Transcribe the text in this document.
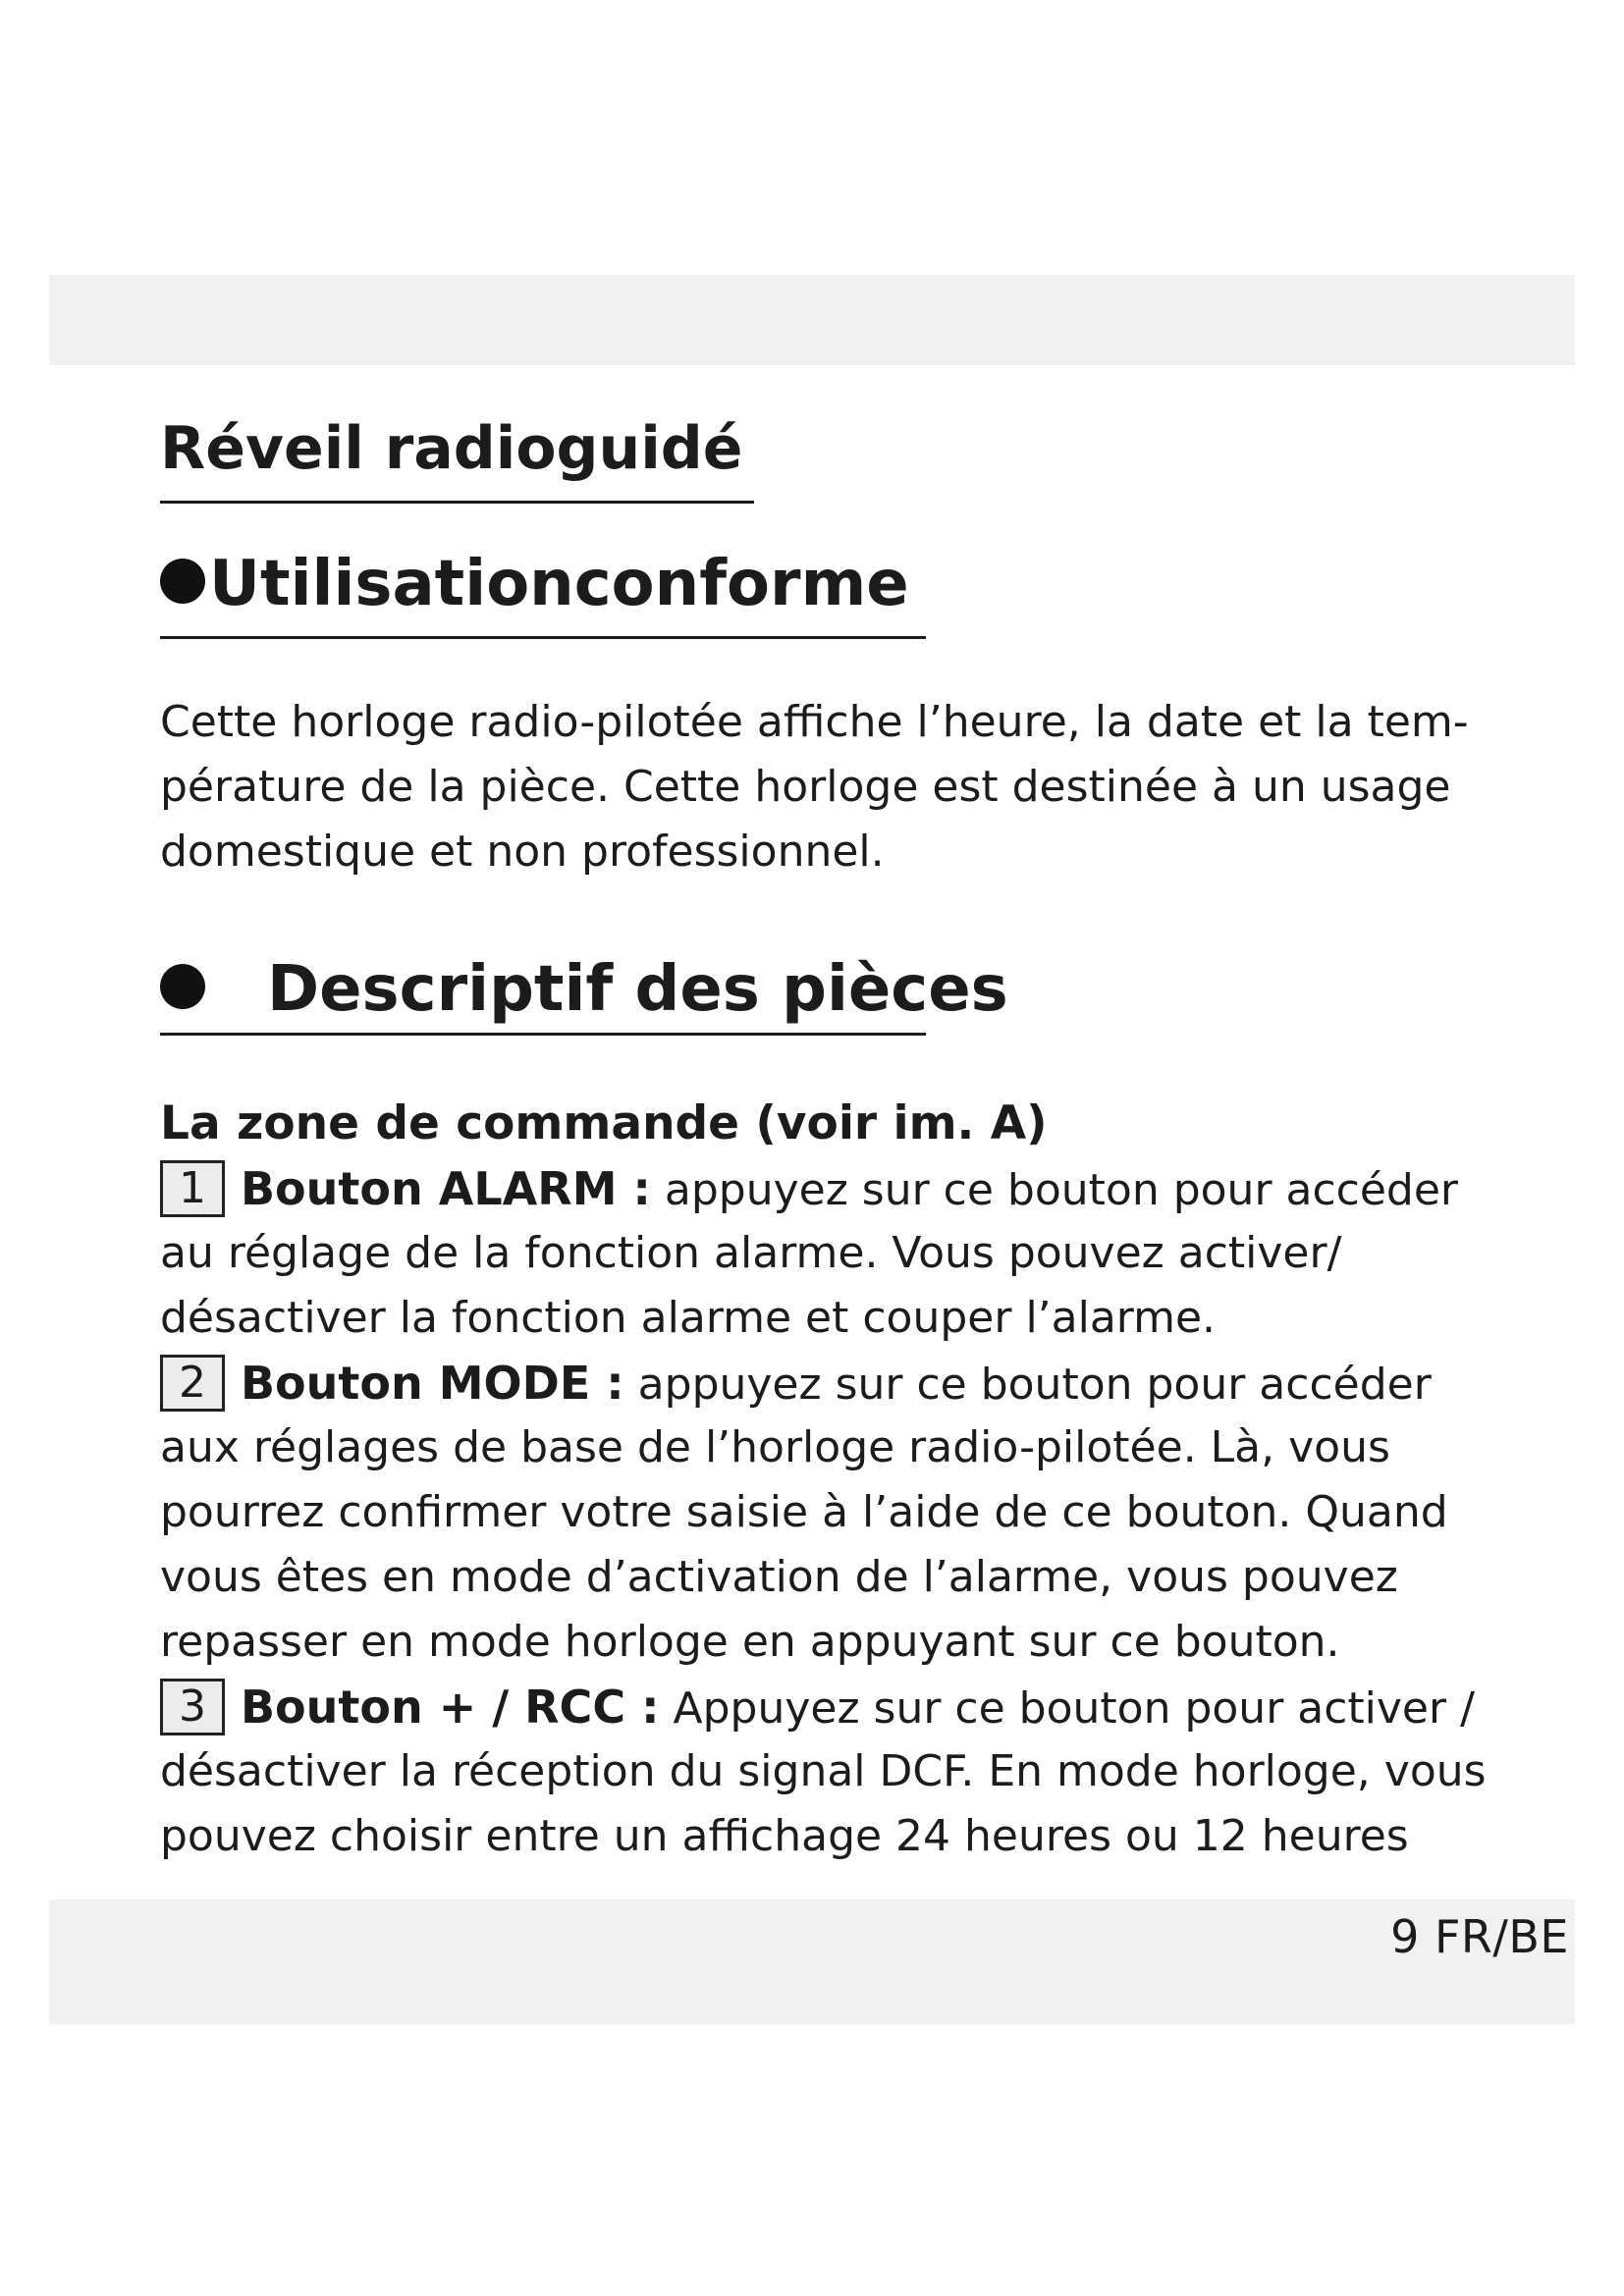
Réveil radioguidé
Utilisationconforme
Cette horloge radio-pilotée affiche l’heure, la date et la tem-
pérature de la pièce. Cette horloge est destinée à un usage
domestique et non professionnel.
Descriptif des pièces
La zone de commande (voir im. A)
1 Bouton ALARM : appuyez sur ce bouton pour accéder
au réglage de la fonction alarme. Vous pouvez activer/
désactiver la fonction alarme et couper l’alarme.
2 Bouton MODE : appuyez sur ce bouton pour accéder
aux réglages de base de l’horloge radio-pilotée. Là, vous
pourrez confirmer votre saisie à l’aide de ce bouton. Quand
vous êtes en mode d’activation de l’alarme, vous pouvez
repasser en mode horloge en appuyant sur ce bouton.
3 Bouton + / RCC : Appuyez sur ce bouton pour activer /
désactiver la réception du signal DCF. En mode horloge, vous
pouvez choisir entre un affichage 24 heures ou 12 heures
9 FR/BE
